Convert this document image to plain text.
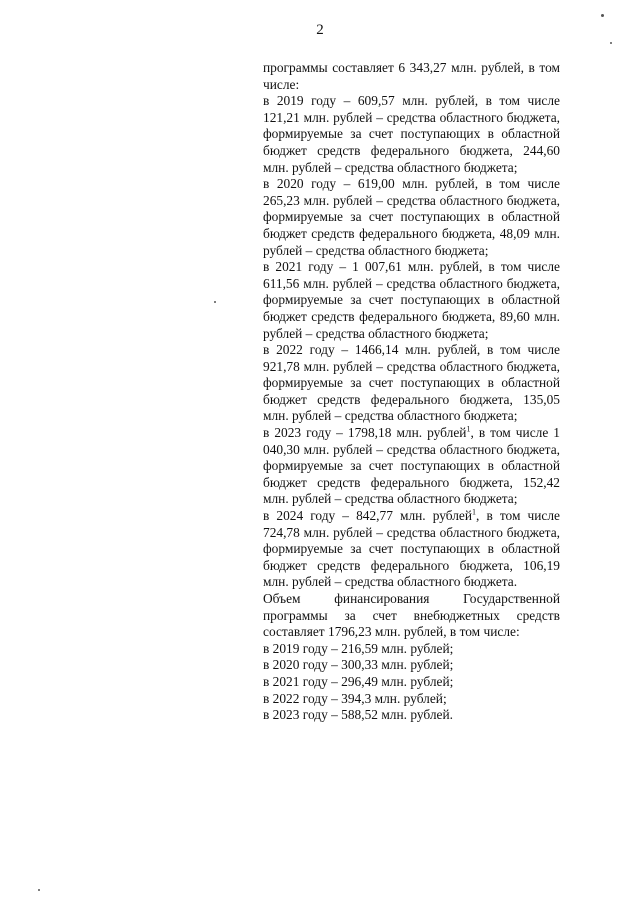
2

программы составляет 6 343,27 млн. рублей, в том числе:

в 2019 году – 609,57 млн. рублей, в том числе 121,21 млн. рублей – средства областного бюджета, формируемые за счет поступающих в областной бюджет средств федерального бюджета, 244,60 млн. рублей – средства областного бюджета;

в 2020 году – 619,00 млн. рублей, в том числе 265,23 млн. рублей – средства областного бюджета, формируемые за счет поступающих в областной бюджет средств федерального бюджета, 48,09 млн. рублей – средства областного бюджета;

в 2021 году – 1 007,61 млн. рублей, в том числе 611,56 млн. рублей – средства областного бюджета, формируемые за счет поступающих в областной бюджет средств федерального бюджета, 89,60 млн. рублей – средства областного бюджета;

в 2022 году – 1466,14 млн. рублей, в том числе 921,78 млн. рублей – средства областного бюджета, формируемые за счет поступающих в областной бюджет средств федерального бюджета, 135,05 млн. рублей – средства областного бюджета;

в 2023 году – 1798,18 млн. рублей$^1$, в том числе 1 040,30 млн. рублей – средства областного бюджета, формируемые за счет поступающих в областной бюджет средств федерального бюджета, 152,42 млн. рублей – средства областного бюджета;

в 2024 году – 842,77 млн. рублей$^1$, в том числе 724,78 млн. рублей – средства областного бюджета, формируемые за счет поступающих в областной бюджет средств федерального бюджета, 106,19 млн. рублей – средства областного бюджета.

Объем финансирования Государственной программы за счет внебюджетных средств составляет 1796,23 млн. рублей, в том числе:

в 2019 году – 216,59 млн. рублей;

в 2020 году – 300,33 млн. рублей;

в 2021 году – 296,49 млн. рублей;

в 2022 году – 394,3 млн. рублей;

в 2023 году – 588,52 млн. рублей.
